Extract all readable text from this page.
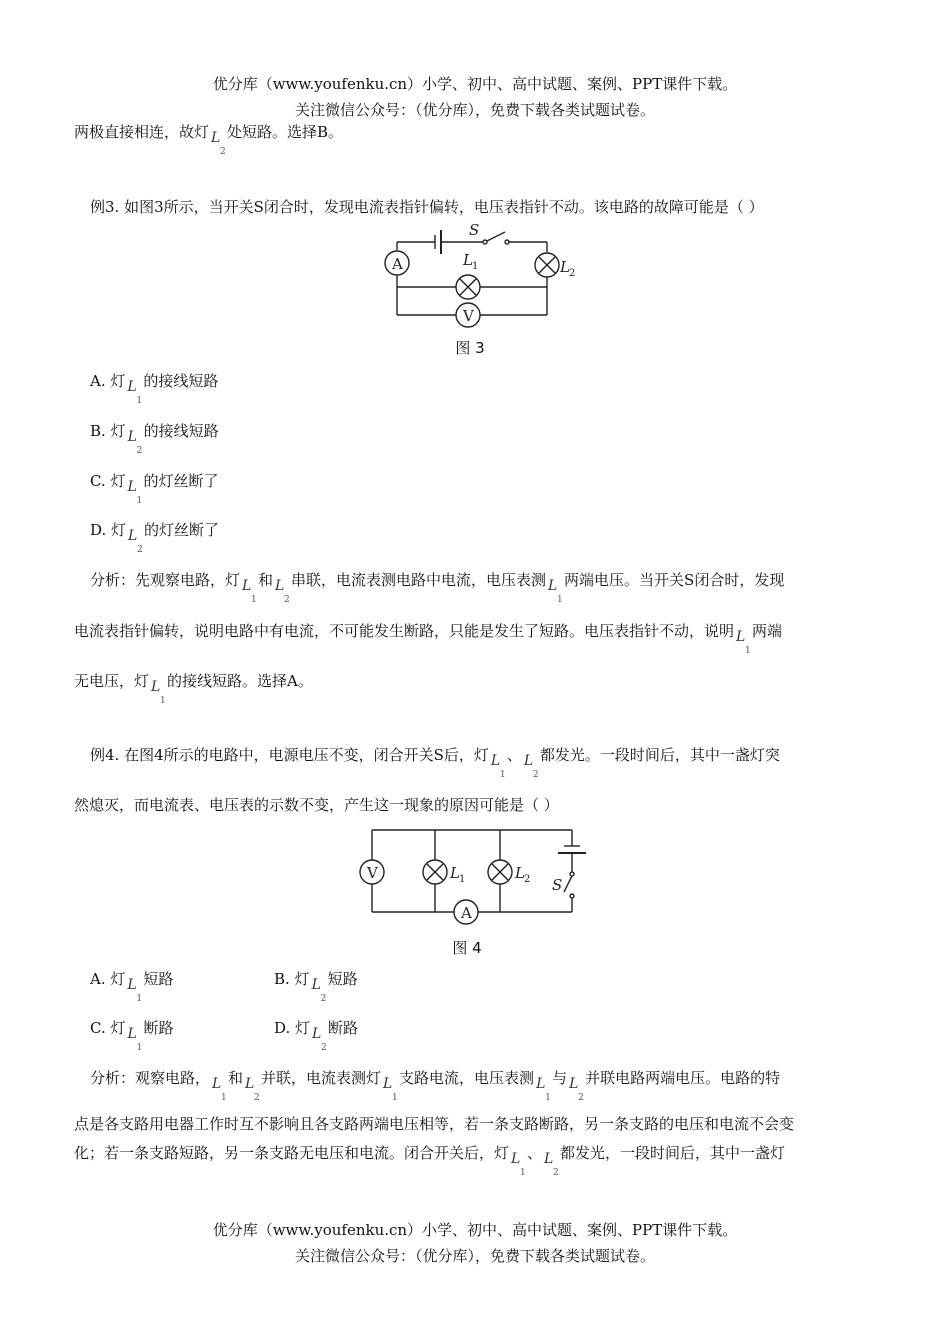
优分库（www.youfenku.cn）小学、初中、高中试题、案例、PPT课件下载。
关注微信公众号：（优分库），免费下载各类试题试卷。
两极直接相连，故灯 L
2
处短路。选择B。
例3. 如图3所示，当开关S闭合时，发现电流表指针偏转，电压表指针不动。该电路的故障可能是（ ）
A
V
S
L 1	L 2
图 3
A. 灯 L
1
的接线短路
B. 灯 L
2
的接线短路
C. 灯 L
1
的灯丝断了
D. 灯 L
2
的灯丝断了
分析：先观察电路，灯 L
1
和 L
2
串联，电流表测电路中电流，电压表测 L
1
两端电压。当开关S闭合时，发现
电流表指针偏转，说明电路中有电流，不可能发生断路，只能是发生了短路。电压表指针不动，说明 L
1
两端
无电压，灯 L
1
的接线短路。选择A。
例4. 在图4所示的电路中，电源电压不变，闭合开关S后，灯 L
1
、 L
2
都发光。一段时间后，其中一盏灯突
然熄灭，而电流表、电压表的示数不变，产生这一现象的原因可能是（ ）
V
A
L 1	L 2 S
图 4
A. 灯 L
1
短路	B. 灯 L
2
短路
C. 灯 L
1
断路	D. 灯 L
2
断路
分析：观察电路， L
1
和 L
2
并联，电流表测灯 L
1
支路电流，电压表测 L
1
与 L
2
并联电路两端电压。电路的特
点是各支路用电器工作时互不影响且各支路两端电压相等，若一条支路断路，另一条支路的电压和电流不会变
化；若一条支路短路，另一条支路无电压和电流。闭合开关后，灯 L
1
、 L
2
都发光，一段时间后，其中一盏灯
优分库（www.youfenku.cn）小学、初中、高中试题、案例、PPT课件下载。
关注微信公众号：（优分库），免费下载各类试题试卷。
